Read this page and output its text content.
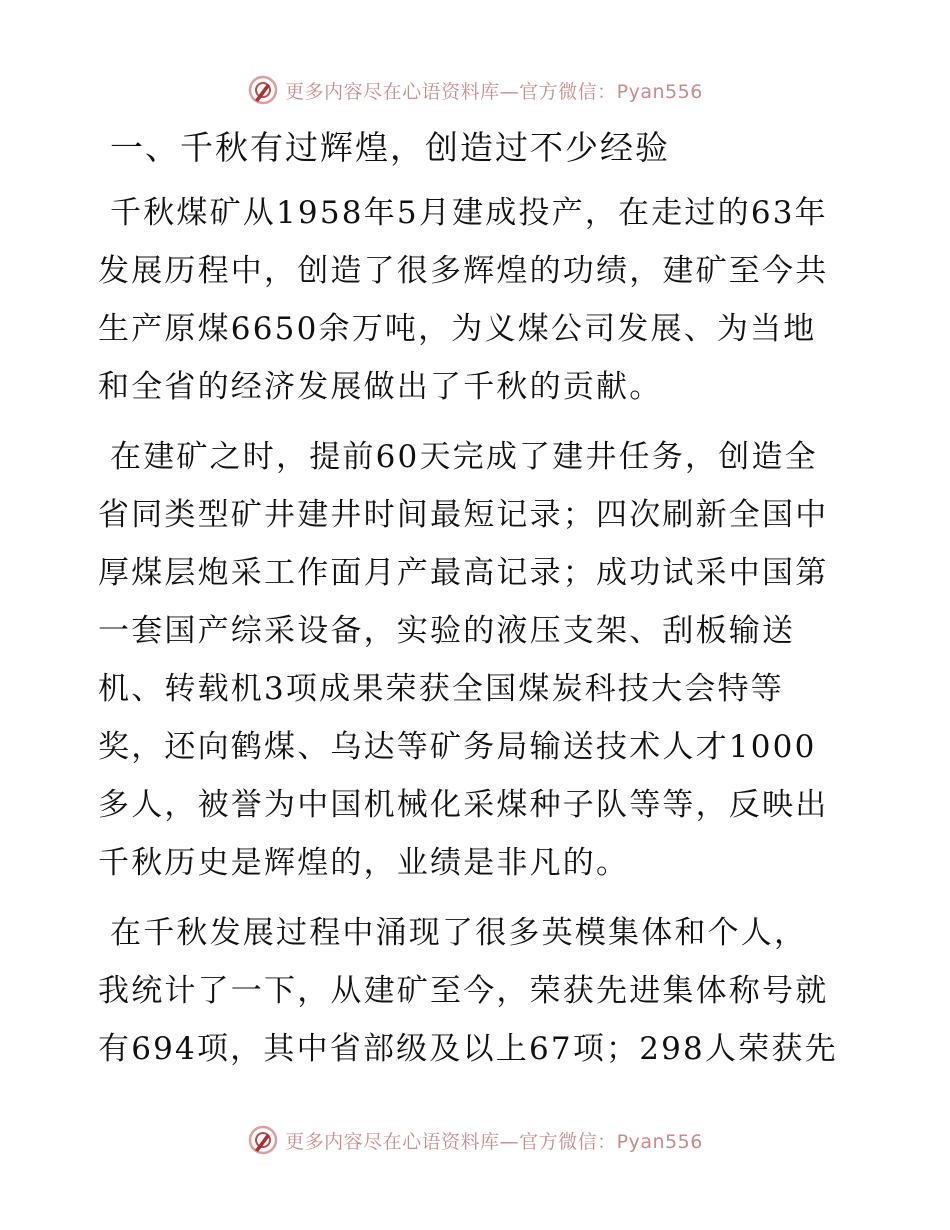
更多内容尽在心语资料库—官方微信：Pyan556
一、千秋有过辉煌，创造过不少经验
千秋煤矿从1958年5月建成投产，在走过的63年
发展历程中，创造了很多辉煌的功绩，建矿至今共
生产原煤6650余万吨，为义煤公司发展、为当地
和全省的经济发展做出了千秋的贡献。
在建矿之时，提前60天完成了建井任务，创造全
省同类型矿井建井时间最短记录；四次刷新全国中
厚煤层炮采工作面月产最高记录；成功试采中国第
一套国产综采设备，实验的液压支架、刮板输送
机、转载机3项成果荣获全国煤炭科技大会特等
奖，还向鹤煤、乌达等矿务局输送技术人才1000
多人，被誉为中国机械化采煤种子队等等，反映出
千秋历史是辉煌的，业绩是非凡的。
在千秋发展过程中涌现了很多英模集体和个人，
我统计了一下，从建矿至今，荣获先进集体称号就
有694项，其中省部级及以上67项；298人荣获先
更多内容尽在心语资料库—官方微信：Pyan556
